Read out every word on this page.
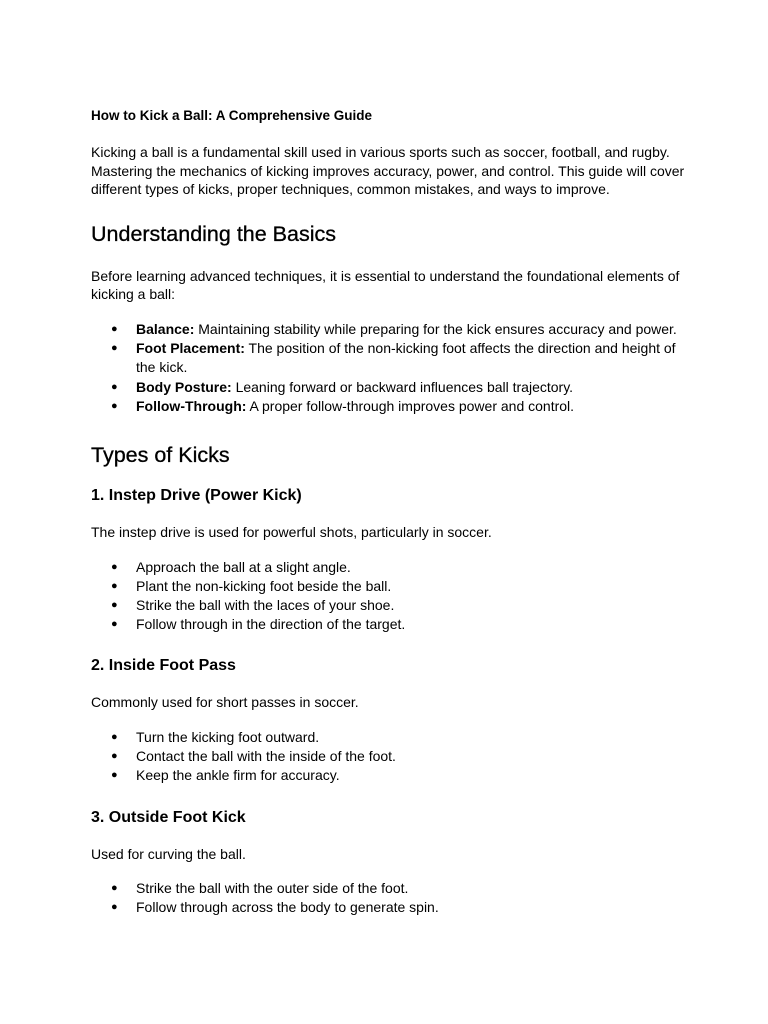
How to Kick a Ball: A Comprehensive Guide

Kicking a ball is a fundamental skill used in various sports such as soccer, football, and rugby. Mastering the mechanics of kicking improves accuracy, power, and control. This guide will cover different types of kicks, proper techniques, common mistakes, and ways to improve.

Understanding the Basics

Before learning advanced techniques, it is essential to understand the foundational elements of kicking a ball:

● Balance: Maintaining stability while preparing for the kick ensures accuracy and power.
● Foot Placement: The position of the non-kicking foot affects the direction and height of the kick.
● Body Posture: Leaning forward or backward influences ball trajectory.
● Follow-Through: A proper follow-through improves power and control.
Types of Kicks
1. Instep Drive (Power Kick)

The instep drive is used for powerful shots, particularly in soccer.

● Approach the ball at a slight angle.
● Plant the non-kicking foot beside the ball.
● Strike the ball with the laces of your shoe.
● Follow through in the direction of the target.
2. Inside Foot Pass

Commonly used for short passes in soccer.

● Turn the kicking foot outward.
● Contact the ball with the inside of the foot.
● Keep the ankle firm for accuracy.
3. Outside Foot Kick

Used for curving the ball.

● Strike the ball with the outer side of the foot.
● Follow through across the body to generate spin.
